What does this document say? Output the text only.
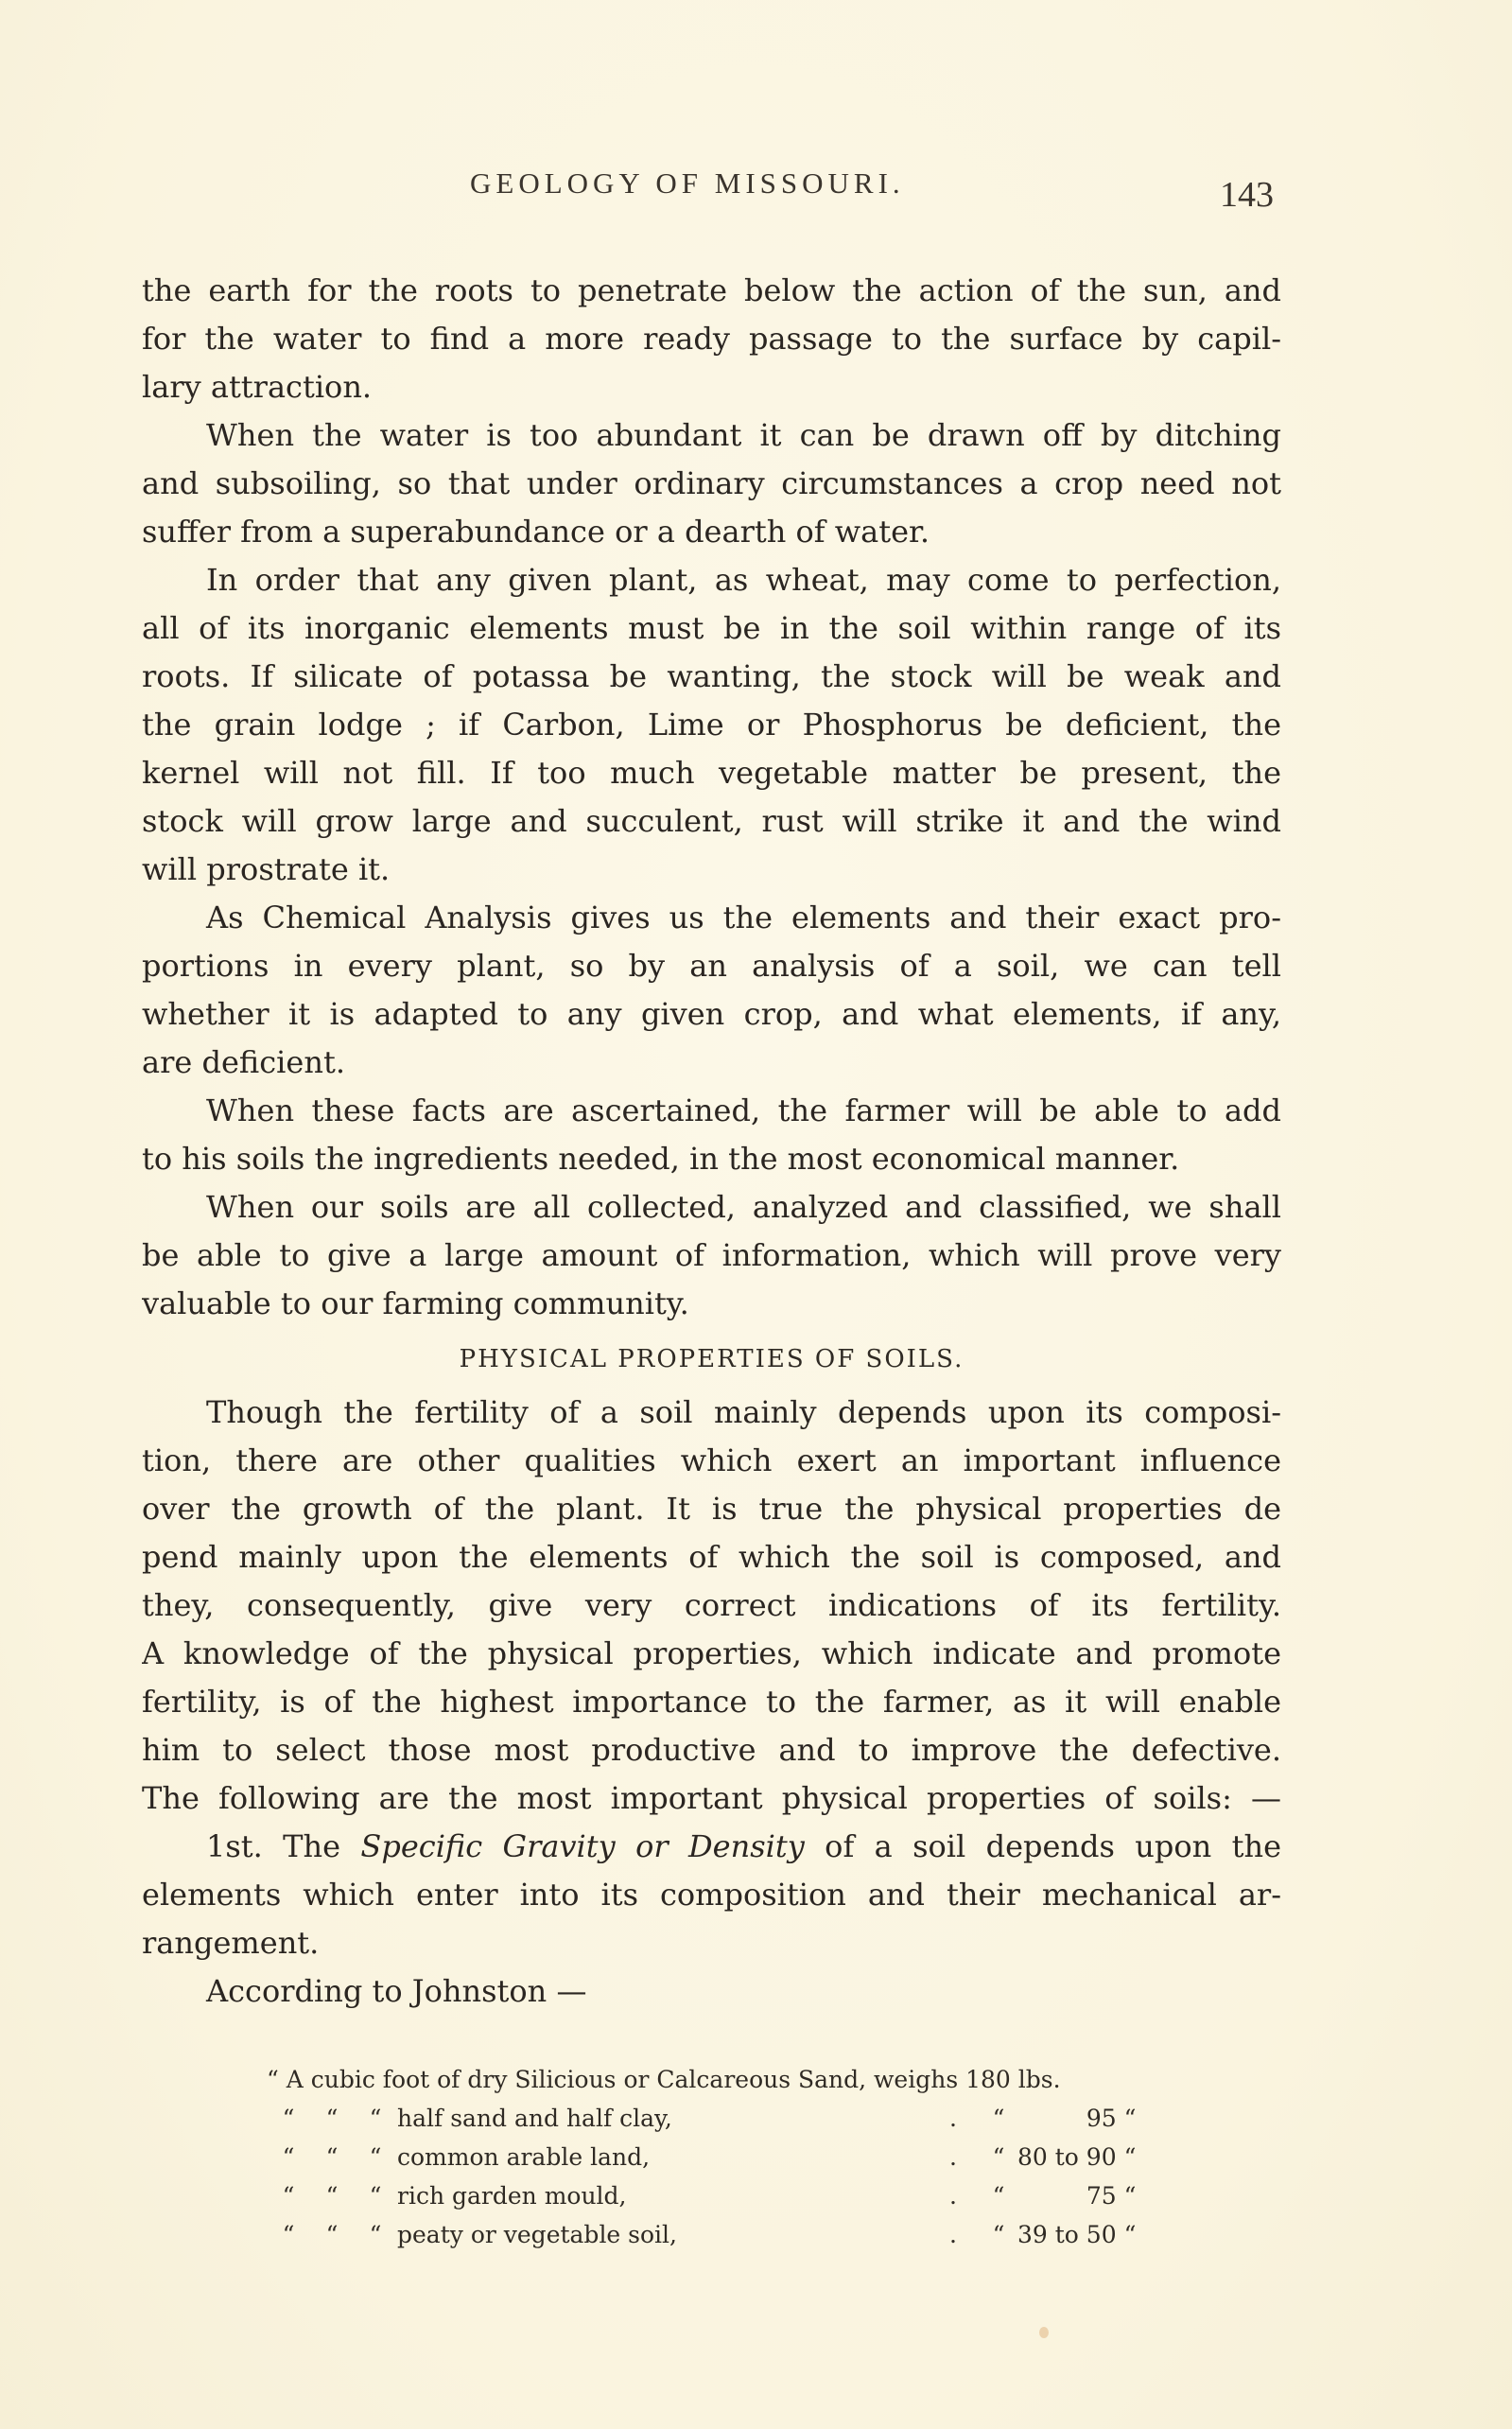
GEOLOGY OF MISSOURI.	143
the earth for the roots to penetrate below the action of the sun, and
for the water to find a more ready passage to the surface by capil-
lary attraction.
When the water is too abundant it can be drawn off by ditching
and subsoiling, so that under ordinary circumstances a crop need not
suffer from a superabundance or a dearth of water.
In order that any given plant, as wheat, may come to perfection,
all of its inorganic elements must be in the soil within range of its
roots. If silicate of potassa be wanting, the stock will be weak and
the grain lodge ; if Carbon, Lime or Phosphorus be deficient, the
kernel will not fill. If too much vegetable matter be present, the
stock will grow large and succulent, rust will strike it and the wind
will prostrate it.
As Chemical Analysis gives us the elements and their exact pro-
portions in every plant, so by an analysis of a soil, we can tell
whether it is adapted to any given crop, and what elements, if any,
are deficient.
When these facts are ascertained, the farmer will be able to add
to his soils the ingredients needed, in the most economical manner.
When our soils are all collected, analyzed and classified, we shall
be able to give a large amount of information, which will prove very
valuable to our farming community.
PHYSICAL PROPERTIES OF SOILS.
Though the fertility of a soil mainly depends upon its composi-
tion, there are other qualities which exert an important influence
over the growth of the plant. It is true the physical properties de
pend mainly upon the elements of which the soil is composed, and
they, consequently, give very correct indications of its fertility.
A knowledge of the physical properties, which indicate and promote
fertility, is of the highest importance to the farmer, as it will enable
him to select those most productive and to improve the defective.
The following are the most important physical properties of soils: —
1st. The Specific Gravity or Density of a soil depends upon the
elements which enter into its composition and their mechanical ar-
rangement.
According to Johnston —
“ A cubic foot of dry Silicious or Calcareous Sand, weighs 180 lbs.							
“	“	“	half sand and half clay,	.	“	95	“
“	“	“	common arable land,	.	“	80 to 90	“
“	“	“	rich garden mould,	.	“	75	“
“	“	“	peaty or vegetable soil,	.	“	39 to 50	“
